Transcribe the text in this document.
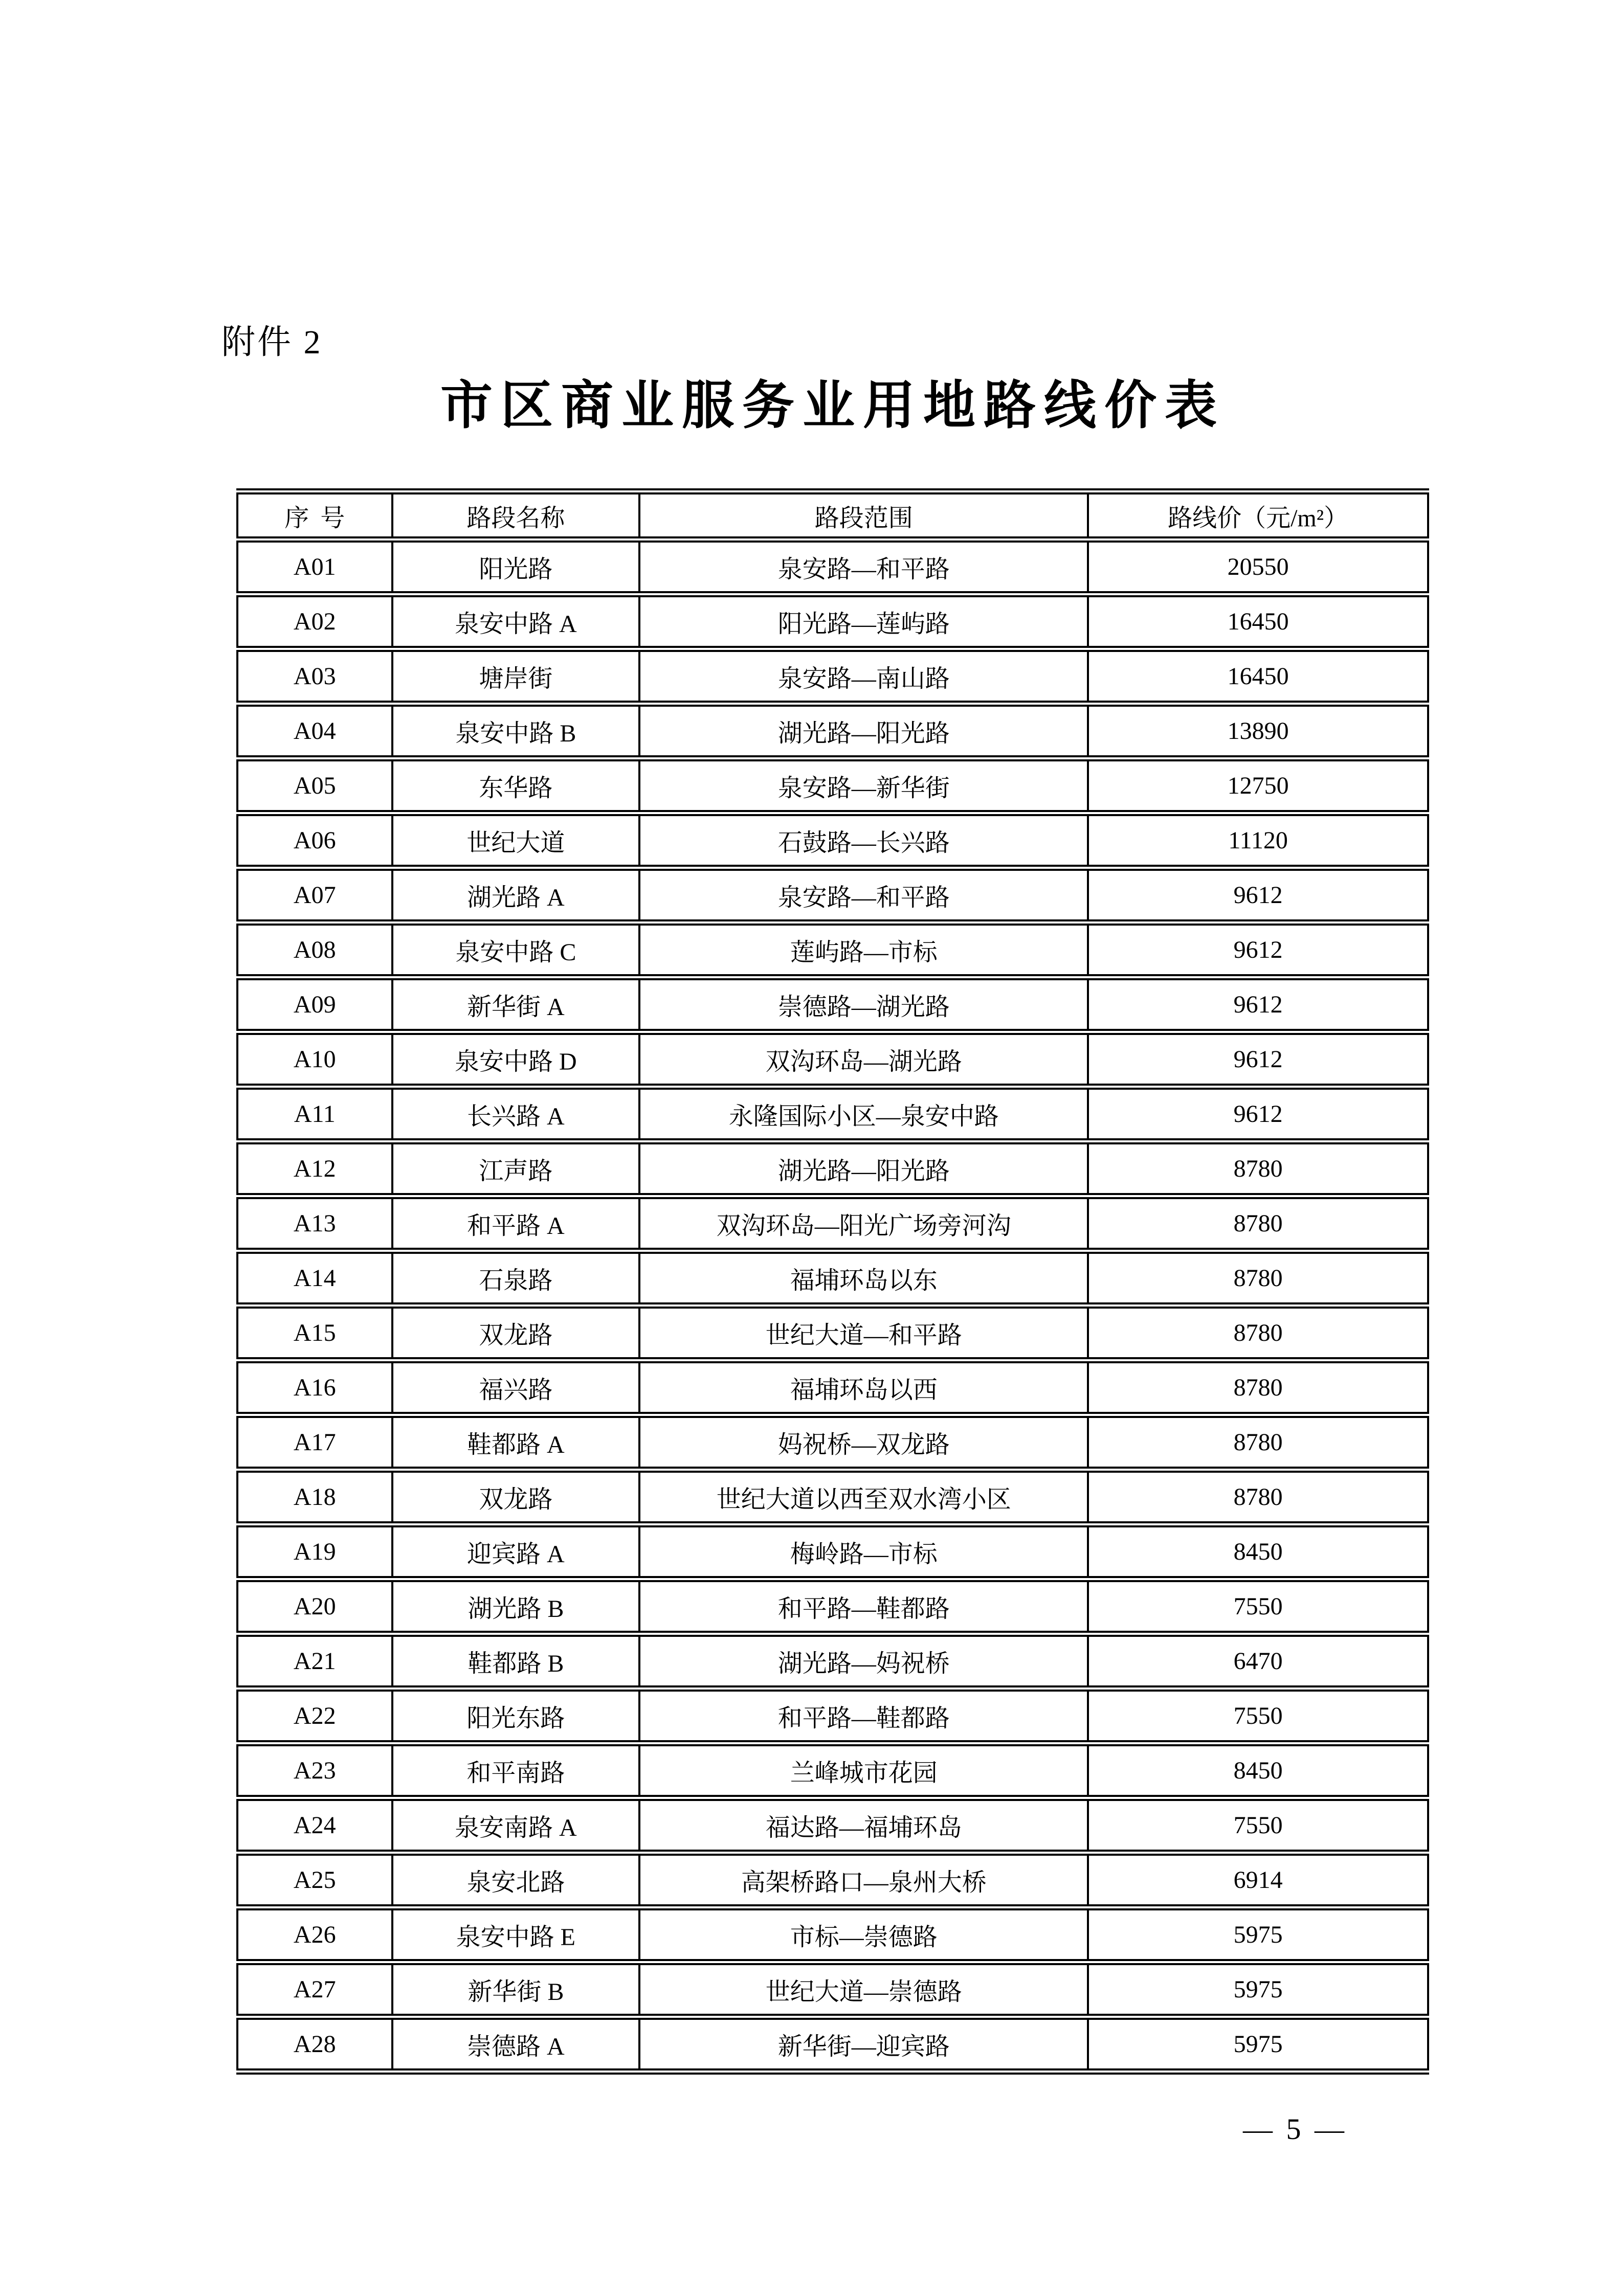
附件 2
市区商业服务业用地路线价表
序号	路段名称	路段范围	路线价（元/m²）
A01	阳光路	泉安路—和平路	20550
A02	泉安中路 A	阳光路—莲屿路	16450
A03	塘岸街	泉安路—南山路	16450
A04	泉安中路 B	湖光路—阳光路	13890
A05	东华路	泉安路—新华街	12750
A06	世纪大道	石鼓路—长兴路	11120
A07	湖光路 A	泉安路—和平路	9612
A08	泉安中路 C	莲屿路—市标	9612
A09	新华街 A	崇德路—湖光路	9612
A10	泉安中路 D	双沟环岛—湖光路	9612
A11	长兴路 A	永隆国际小区—泉安中路	9612
A12	江声路	湖光路—阳光路	8780
A13	和平路 A	双沟环岛—阳光广场旁河沟	8780
A14	石泉路	福埔环岛以东	8780
A15	双龙路	世纪大道—和平路	8780
A16	福兴路	福埔环岛以西	8780
A17	鞋都路 A	妈祝桥—双龙路	8780
A18	双龙路	世纪大道以西至双水湾小区	8780
A19	迎宾路 A	梅岭路—市标	8450
A20	湖光路 B	和平路—鞋都路	7550
A21	鞋都路 B	湖光路—妈祝桥	6470
A22	阳光东路	和平路—鞋都路	7550
A23	和平南路	兰峰城市花园	8450
A24	泉安南路 A	福达路—福埔环岛	7550
A25	泉安北路	高架桥路口—泉州大桥	6914
A26	泉安中路 E	市标—崇德路	5975
A27	新华街 B	世纪大道—崇德路	5975
A28	崇德路 A	新华街—迎宾路	5975
— 5 —
